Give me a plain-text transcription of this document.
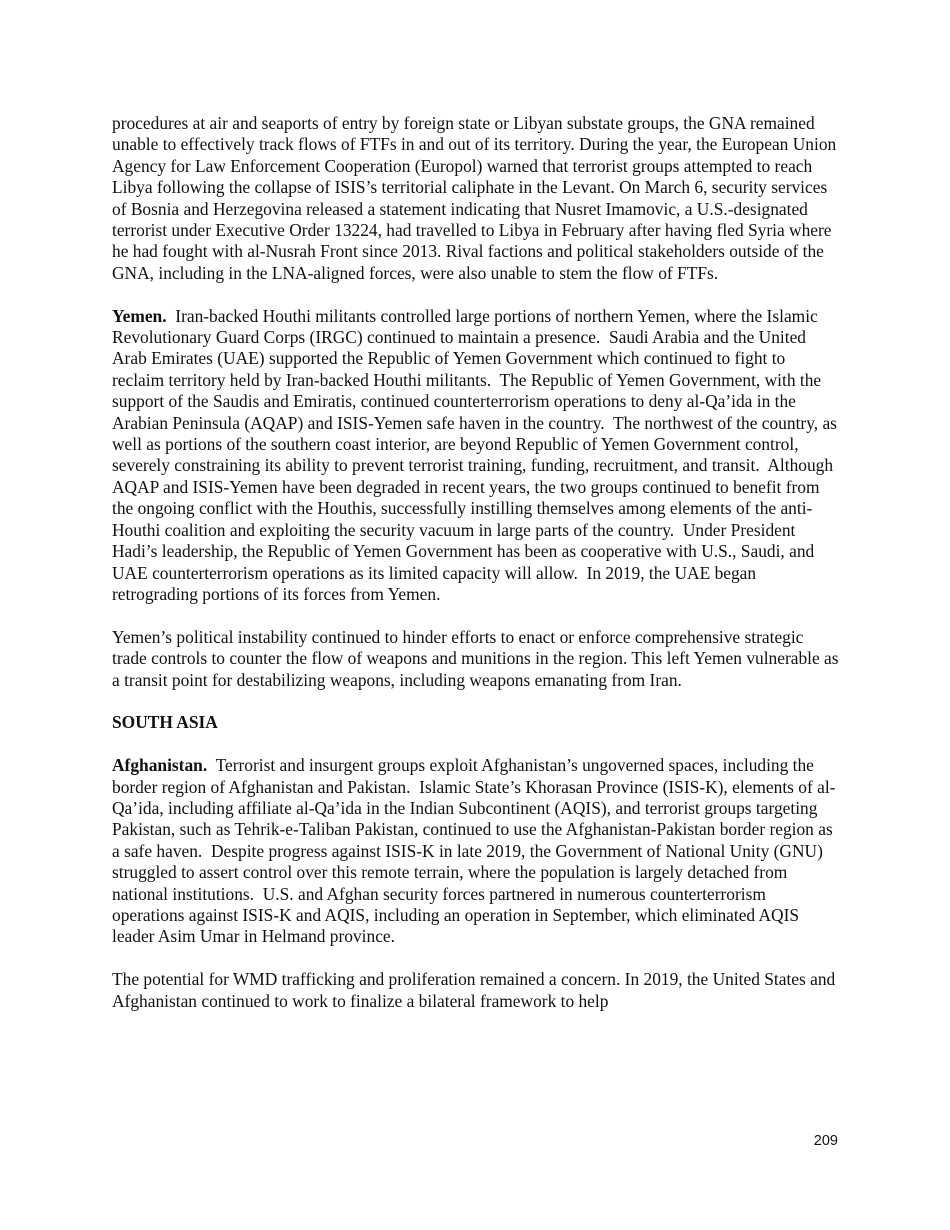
procedures at air and seaports of entry by foreign state or Libyan substate groups, the GNA remained unable to effectively track flows of FTFs in and out of its territory. During the year, the European Union Agency for Law Enforcement Cooperation (Europol) warned that terrorist groups attempted to reach Libya following the collapse of ISIS’s territorial caliphate in the Levant. On March 6, security services of Bosnia and Herzegovina released a statement indicating that Nusret Imamovic, a U.S.-designated terrorist under Executive Order 13224, had travelled to Libya in February after having fled Syria where he had fought with al-Nusrah Front since 2013. Rival factions and political stakeholders outside of the GNA, including in the LNA-aligned forces, were also unable to stem the flow of FTFs.

Yemen.  Iran-backed Houthi militants controlled large portions of northern Yemen, where the Islamic Revolutionary Guard Corps (IRGC) continued to maintain a presence.  Saudi Arabia and the United Arab Emirates (UAE) supported the Republic of Yemen Government which continued to fight to reclaim territory held by Iran-backed Houthi militants.  The Republic of Yemen Government, with the support of the Saudis and Emiratis, continued counterterrorism operations to deny al-Qa’ida in the Arabian Peninsula (AQAP) and ISIS-Yemen safe haven in the country.  The northwest of the country, as well as portions of the southern coast interior, are beyond Republic of Yemen Government control, severely constraining its ability to prevent terrorist training, funding, recruitment, and transit.  Although AQAP and ISIS-Yemen have been degraded in recent years, the two groups continued to benefit from the ongoing conflict with the Houthis, successfully instilling themselves among elements of the anti-Houthi coalition and exploiting the security vacuum in large parts of the country.  Under President Hadi’s leadership, the Republic of Yemen Government has been as cooperative with U.S., Saudi, and UAE counterterrorism operations as its limited capacity will allow.  In 2019, the UAE began retrograding portions of its forces from Yemen.

Yemen’s political instability continued to hinder efforts to enact or enforce comprehensive strategic trade controls to counter the flow of weapons and munitions in the region. This left Yemen vulnerable as a transit point for destabilizing weapons, including weapons emanating from Iran.

SOUTH ASIA

Afghanistan.  Terrorist and insurgent groups exploit Afghanistan’s ungoverned spaces, including the border region of Afghanistan and Pakistan.  Islamic State’s Khorasan Province (ISIS-K), elements of al-Qa’ida, including affiliate al-Qa’ida in the Indian Subcontinent (AQIS), and terrorist groups targeting Pakistan, such as Tehrik-e-Taliban Pakistan, continued to use the Afghanistan-Pakistan border region as a safe haven.  Despite progress against ISIS-K in late 2019, the Government of National Unity (GNU) struggled to assert control over this remote terrain, where the population is largely detached from national institutions.  U.S. and Afghan security forces partnered in numerous counterterrorism operations against ISIS-K and AQIS, including an operation in September, which eliminated AQIS leader Asim Umar in Helmand province.

The potential for WMD trafficking and proliferation remained a concern. In 2019, the United States and Afghanistan continued to work to finalize a bilateral framework to help

209
